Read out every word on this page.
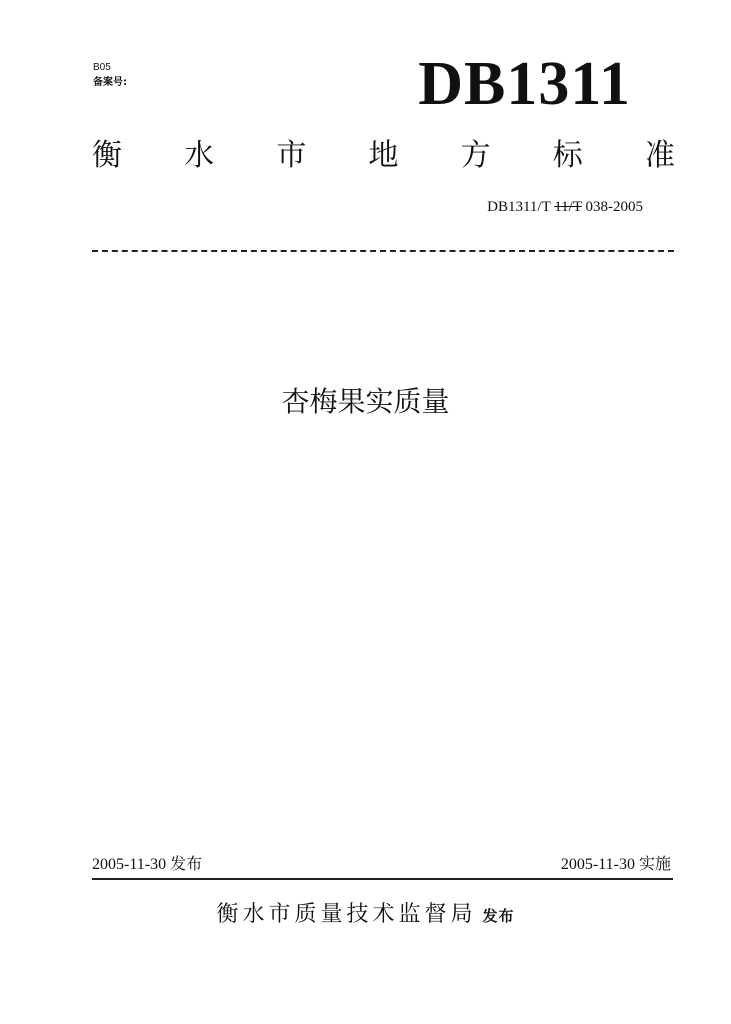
B05
备案号:	DB1311
衡 水 市 地 方 标 准
DB1311/T 11/T 038-2005
杏梅果实质量
2005-11-30 发布	2005-11-30 实施
衡水市质量技术监督局 发布
